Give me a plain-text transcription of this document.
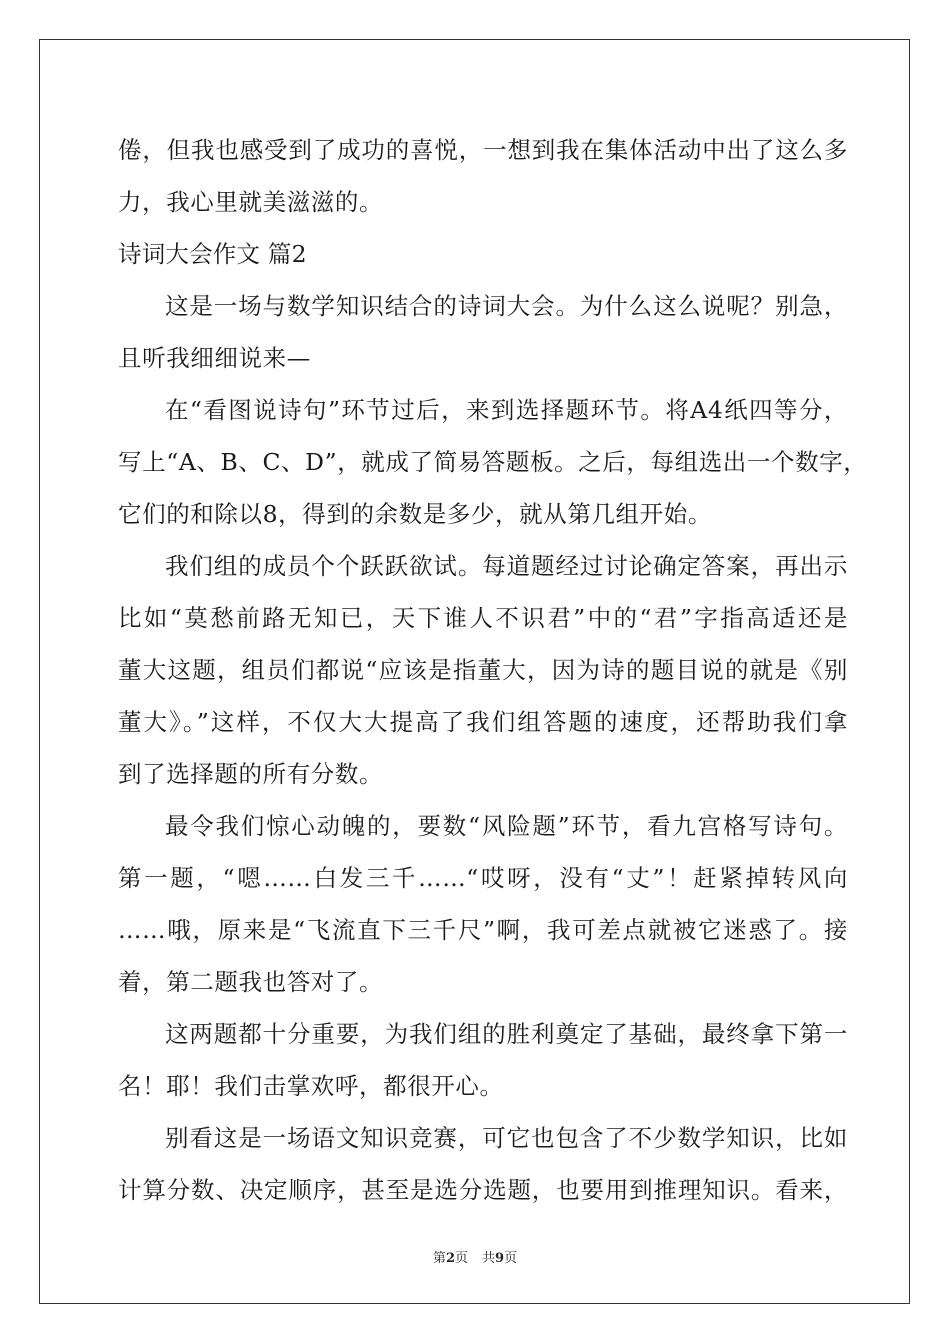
倦，但我也感受到了成功的喜悦，一想到我在集体活动中出了这么多
力，我心里就美滋滋的。
诗词大会作文 篇2
这是一场与数学知识结合的诗词大会。为什么这么说呢？别急，
且听我细细说来—
在“看图说诗句”环节过后，来到选择题环节。将A4纸四等分，
写上“A、B、C、D”，就成了简易答题板。之后，每组选出一个数字，
它们的和除以8，得到的余数是多少，就从第几组开始。
我们组的成员个个跃跃欲试。每道题经过讨论确定答案，再出示
比如“莫愁前路无知已，天下谁人不识君”中的“君”字指高适还是
董大这题，组员们都说“应该是指董大，因为诗的题目说的就是《别
董大》。”这样，不仅大大提高了我们组答题的速度，还帮助我们拿
到了选择题的所有分数。
最令我们惊心动魄的，要数“风险题”环节，看九宫格写诗句。
第一题，“嗯……白发三千……“哎呀，没有“丈”！赶紧掉转风向
……哦，原来是“飞流直下三千尺”啊，我可差点就被它迷惑了。接
着，第二题我也答对了。
这两题都十分重要，为我们组的胜利奠定了基础，最终拿下第一
名！耶！我们击掌欢呼，都很开心。
别看这是一场语文知识竞赛，可它也包含了不少数学知识，比如
计算分数、决定顺序，甚至是选分选题，也要用到推理知识。看来，
第2页 共9页
